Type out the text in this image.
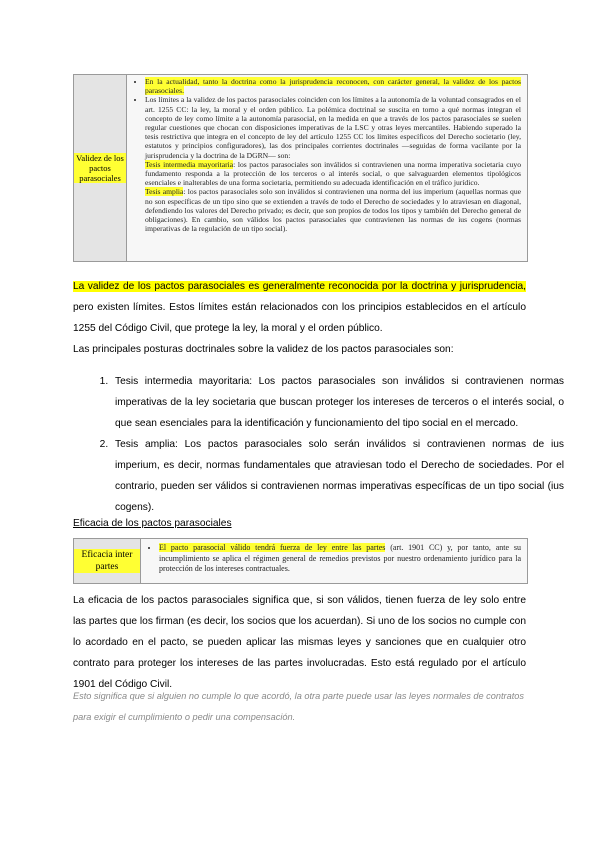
Validez de los pactos parasociales
• En la actualidad, tanto la doctrina como la jurisprudencia reconocen, con carácter general, la validez de los pactos parasociales.
• Los límites a la validez de los pactos parasociales coinciden con los límites a la autonomía de la voluntad consagrados en el art. 1255 CC: la ley, la moral y el orden público. La polémica doctrinal se suscita en torno a qué normas integran el concepto de ley como límite a la autonomía parasocial, en la medida en que a través de los pactos parasociales se suelen regular cuestiones que chocan con disposiciones imperativas de la LSC y otras leyes mercantiles. Habiendo superado la tesis restrictiva que integra en el concepto de ley del artículo 1255 CC los límites específicos del Derecho societario (ley, estatutos y principios configuradores), las dos principales corrientes doctrinales —seguidas de forma vacilante por la jurisprudencia y la doctrina de la DGRN— son:
Tesis intermedia mayoritaria: los pactos parasociales son inválidos si contravienen una norma imperativa societaria cuyo fundamento responda a la protección de los terceros o al interés social, o que salvaguarden elementos tipológicos esenciales e inalterables de una forma societaria, permitiendo su adecuada identificación en el tráfico jurídico.
Tesis amplia: los pactos parasociales solo son inválidos si contravienen una norma del ius imperium (aquellas normas que no son específicas de un tipo sino que se extienden a través de todo el Derecho de sociedades y lo atraviesan en diagonal, defendiendo los valores del Derecho privado; es decir, que son propios de todos los tipos y también del Derecho general de obligaciones). En cambio, son válidos los pactos parasociales que contravienen las normas de ius cogens (normas imperativas de la regulación de un tipo social).
La validez de los pactos parasociales es generalmente reconocida por la doctrina y jurisprudencia, pero existen límites. Estos límites están relacionados con los principios establecidos en el artículo 1255 del Código Civil, que protege la ley, la moral y el orden público.
Las principales posturas doctrinales sobre la validez de los pactos parasociales son:
1. Tesis intermedia mayoritaria: Los pactos parasociales son inválidos si contravienen normas imperativas de la ley societaria que buscan proteger los intereses de terceros o el interés social, o que sean esenciales para la identificación y funcionamiento del tipo social en el mercado.
2. Tesis amplia: Los pactos parasociales solo serán inválidos si contravienen normas de ius imperium, es decir, normas fundamentales que atraviesan todo el Derecho de sociedades. Por el contrario, pueden ser válidos si contravienen normas imperativas específicas de un tipo social (ius cogens).
Eficacia de los pactos parasociales
Eficacia inter partes
• El pacto parasocial válido tendrá fuerza de ley entre las partes (art. 1901 CC) y, por tanto, ante su incumplimiento se aplica el régimen general de remedios previstos por nuestro ordenamiento jurídico para la protección de los intereses contractuales.
La eficacia de los pactos parasociales significa que, si son válidos, tienen fuerza de ley solo entre las partes que los firman (es decir, los socios que los acuerdan). Si uno de los socios no cumple con lo acordado en el pacto, se pueden aplicar las mismas leyes y sanciones que en cualquier otro contrato para proteger los intereses de las partes involucradas. Esto está regulado por el artículo 1901 del Código Civil.
Esto significa que si alguien no cumple lo que acordó, la otra parte puede usar las leyes normales de contratos para exigir el cumplimiento o pedir una compensación.
